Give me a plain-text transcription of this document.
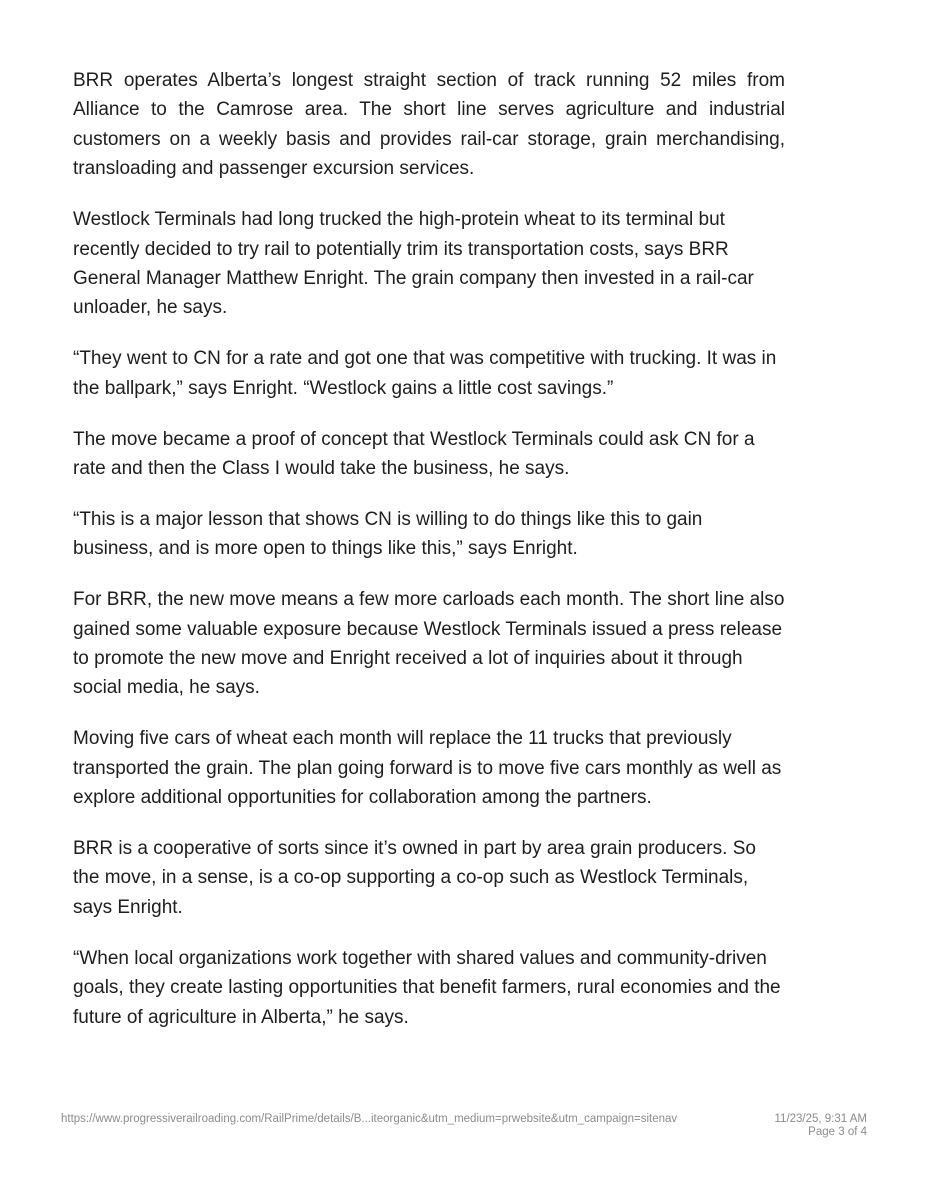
BRR operates Alberta’s longest straight section of track running 52 miles from Alliance to the Camrose area. The short line serves agriculture and industrial customers on a weekly basis and provides rail-car storage, grain merchandising, transloading and passenger excursion services.

Westlock Terminals had long trucked the high-protein wheat to its terminal but recently decided to try rail to potentially trim its transportation costs, says BRR General Manager Matthew Enright. The grain company then invested in a rail-car unloader, he says.

“They went to CN for a rate and got one that was competitive with trucking. It was in the ballpark,” says Enright. “Westlock gains a little cost savings.”

The move became a proof of concept that Westlock Terminals could ask CN for a rate and then the Class I would take the business, he says.

“This is a major lesson that shows CN is willing to do things like this to gain business, and is more open to things like this,” says Enright.

For BRR, the new move means a few more carloads each month. The short line also gained some valuable exposure because Westlock Terminals issued a press release to promote the new move and Enright received a lot of inquiries about it through social media, he says.

Moving five cars of wheat each month will replace the 11 trucks that previously transported the grain. The plan going forward is to move five cars monthly as well as explore additional opportunities for collaboration among the partners.

BRR is a cooperative of sorts since it’s owned in part by area grain producers. So the move, in a sense, is a co-op supporting a co-op such as Westlock Terminals, says Enright.

“When local organizations work together with shared values and community-driven goals, they create lasting opportunities that benefit farmers, rural economies and the future of agriculture in Alberta,” he says.

https://www.progressiverailroading.com/RailPrime/details/B...iteorganic&utm_medium=prwebsite&utm_campaign=sitenav	11/23/25, 9:31 AM
Page 3 of 4
